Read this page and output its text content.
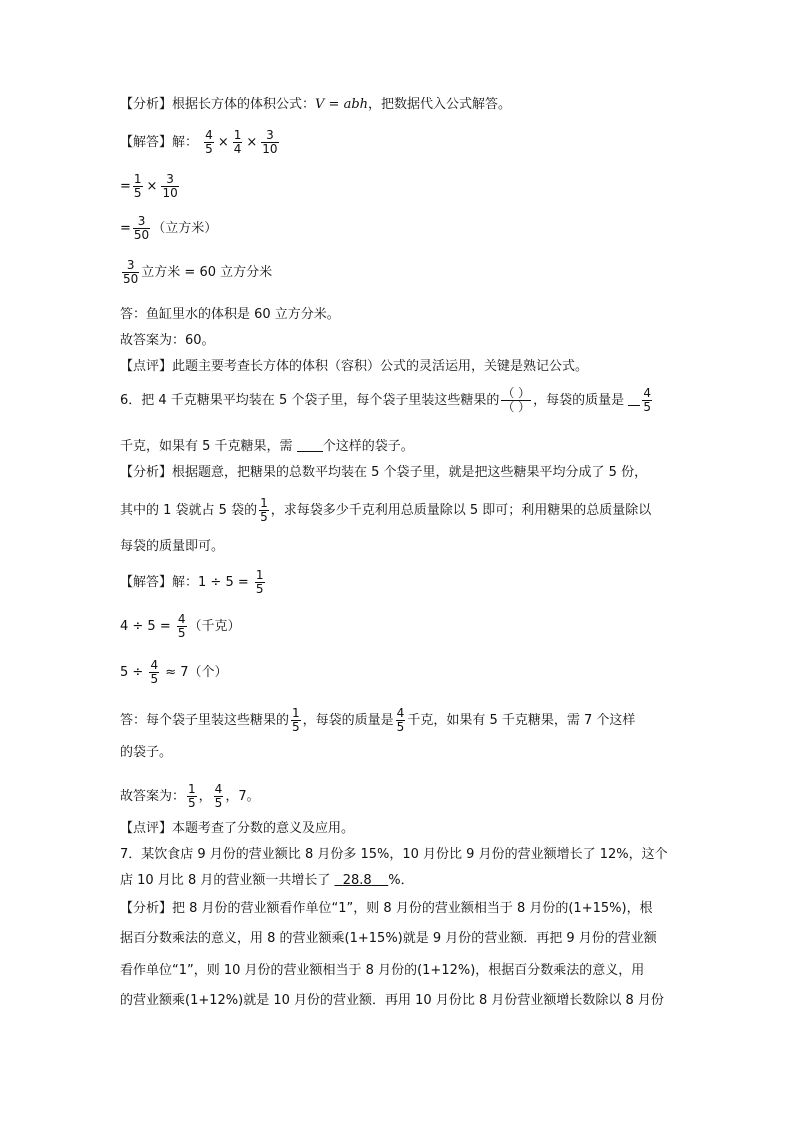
【分析】根据长方体的体积公式：V = abh，把数据代入公式解答。
【解答】解： $\frac{4}{5} \times \frac{1}{4} \times \frac{3}{10}$
= $\frac{1}{5} \times \frac{3}{10}$
= $\frac{3}{50}$ （立方米）
$\frac{3}{50}$ 立方米 = 60 立方分米
答：鱼缸里水的体积是 60 立方分米。
故答案为：60。
【点评】此题主要考查长方体的体积（容积）公式的灵活运用，关键是熟记公式。
6．把 4 千克糖果平均装在 5 个袋子里，每个袋子里装这些糖果的 $\frac{( )}{( )}$ ，每袋的质量是 $\frac{4}{5}$
千克，如果有 5 千克糖果，需 个这样的袋子。
【分析】根据题意，把糖果的总数平均装在 5 个袋子里，就是把这些糖果平均分成了 5 份，
其中的 1 袋就占 5 袋的 $\frac{1}{5}$ ，求每袋多少千克利用总质量除以 5 即可；利用糖果的总质量除以
每袋的质量即可。
【解答】解：$1 \div 5 = \frac{1}{5}$
$4 \div 5 = \frac{4}{5}$ （千克）
$5 \div \frac{4}{5} \approx 7$（个）
答：每个袋子里装这些糖果的 $\frac{1}{5}$ ，每袋的质量是 $\frac{4}{5}$ 千克，如果有 5 千克糖果，需 7 个这样
的袋子。
故答案为： $\frac{1}{5}$ ， $\frac{4}{5}$ ，7。
【点评】本题考查了分数的意义及应用。
7．某饮食店 9 月份的营业额比 8 月份多 15%，10 月份比 9 月份的营业额增长了 12%，这个
店 10 月比 8 月的营业额一共增长了 28.8 %．
【分析】把 8 月份的营业额看作单位“1”，则 8 月份的营业额相当于 8 月份的(1+15%)，根
据百分数乘法的意义，用 8 的营业额乘(1+15%)就是 9 月份的营业额．再把 9 月份的营业额
看作单位“1”，则 10 月份的营业额相当于 8 月份的(1+12%)，根据百分数乘法的意义，用
的营业额乘(1+12%)就是 10 月份的营业额．再用 10 月份比 8 月份营业额增长数除以 8 月份
